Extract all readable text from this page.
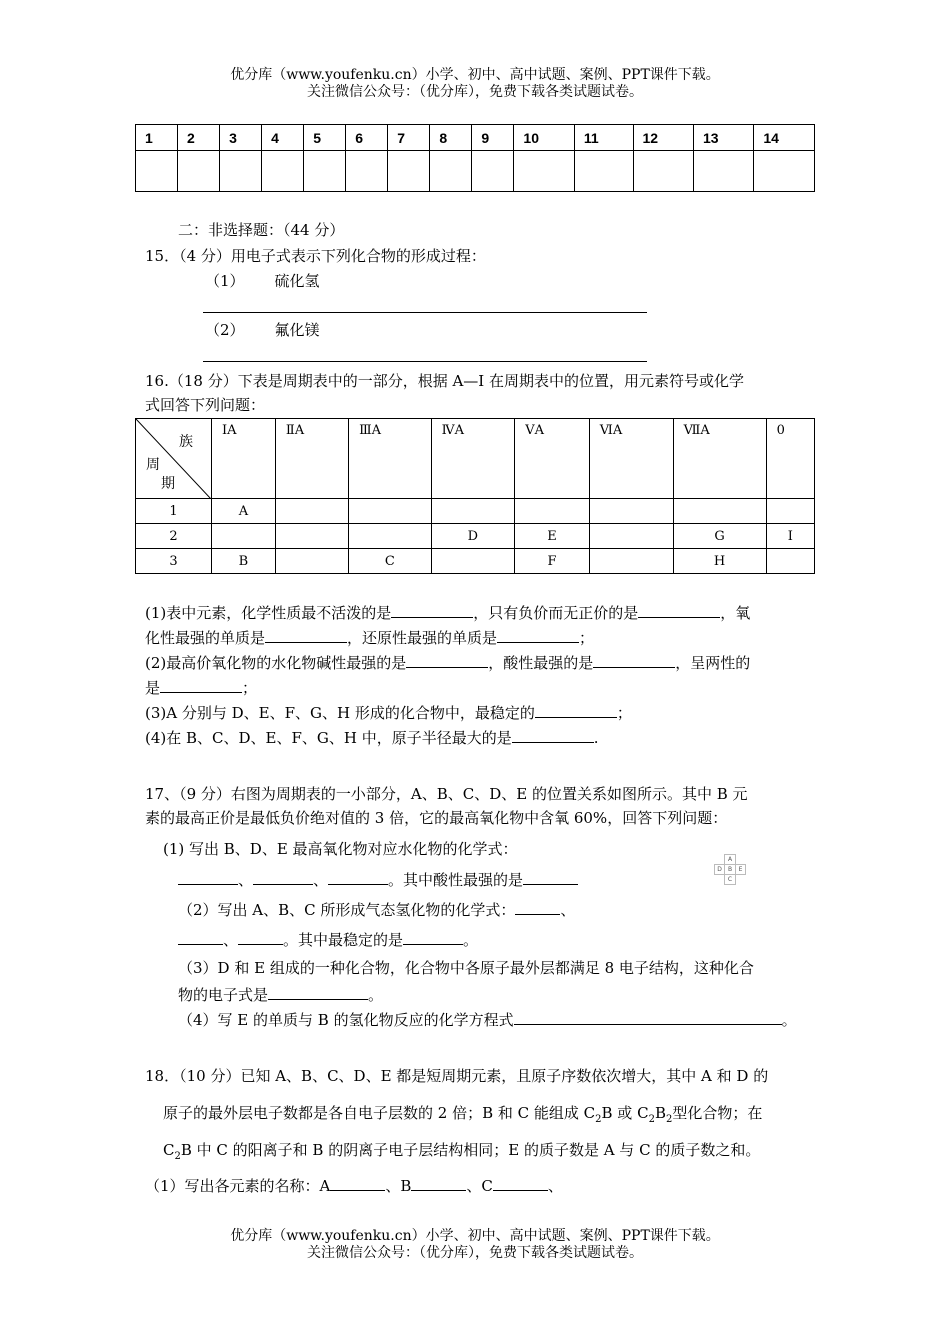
优分库（www.youfenku.cn）小学、初中、高中试题、案例、PPT课件下载。
关注微信公众号：（优分库），免费下载各类试题试卷。
1	2	3	4	5	6	7	8	9	10	11	12	13	14

二：非选择题：（44 分）
15．（4 分）用电子式表示下列化合物的形成过程：
（1） 硫化氢
（2） 氟化镁
16.（18 分）下表是周期表中的一部分，根据 A—I 在周期表中的位置，用元素符号或化学
式回答下列问题：
族
周
期	ⅠA	ⅡA	ⅢA	ⅣA	ⅤA	ⅥA	ⅦA	0
1	A							
2				D	E		G	I
3	B		C		F		H	
(1)表中元素，化学性质最不活泼的是	，只有负价而无正价的是	，氧
化性最强的单质是	，还原性最强的单质是	；
(2)最高价氧化物的水化物碱性最强的是	，酸性最强的是	，呈两性的
是	；
(3)A 分别与 D、E、F、G、H 形成的化合物中，最稳定的	；
(4)在 B、C、D、E、F、G、H 中，原子半径最大的是	.
17、（9 分）右图为周期表的一小部分，A、B、C、D、E 的位置关系如图所示。其中 B 元
素的最高正价是最低负价绝对值的 3 倍，它的最高氧化物中含氧 60%，回答下列问题：
(1) 写出 B、D、E 最高氧化物对应水化物的化学式：
、	、	。其中酸性最强的是
（2）写出 A、B、C 所形成气态氢化物的化学式：	、
、	。其中最稳定的是	。
（3）D 和 E 组成的一种化合物，化合物中各原子最外层都满足 8 电子结构，这种化合
物的电子式是	。
（4）写 E 的单质与 B 的氢化物反应的化学方程式	。
A
D	B	E
C
18．（10 分）已知 A、B、C、D、E 都是短周期元素，且原子序数依次增大，其中 A 和 D 的
原子的最外层电子数都是各自电子层数的 2 倍；B 和 C 能组成 $C_2B$ 或 $C_2B_2$型化合物；在
$C_2B$ 中 C 的阳离子和 B 的阴离子电子层结构相同；E 的质子数是 A 与 C 的质子数之和。
（1）写出各元素的名称：A	、B	、C	、
优分库（www.youfenku.cn）小学、初中、高中试题、案例、PPT课件下载。
关注微信公众号：（优分库），免费下载各类试题试卷。
